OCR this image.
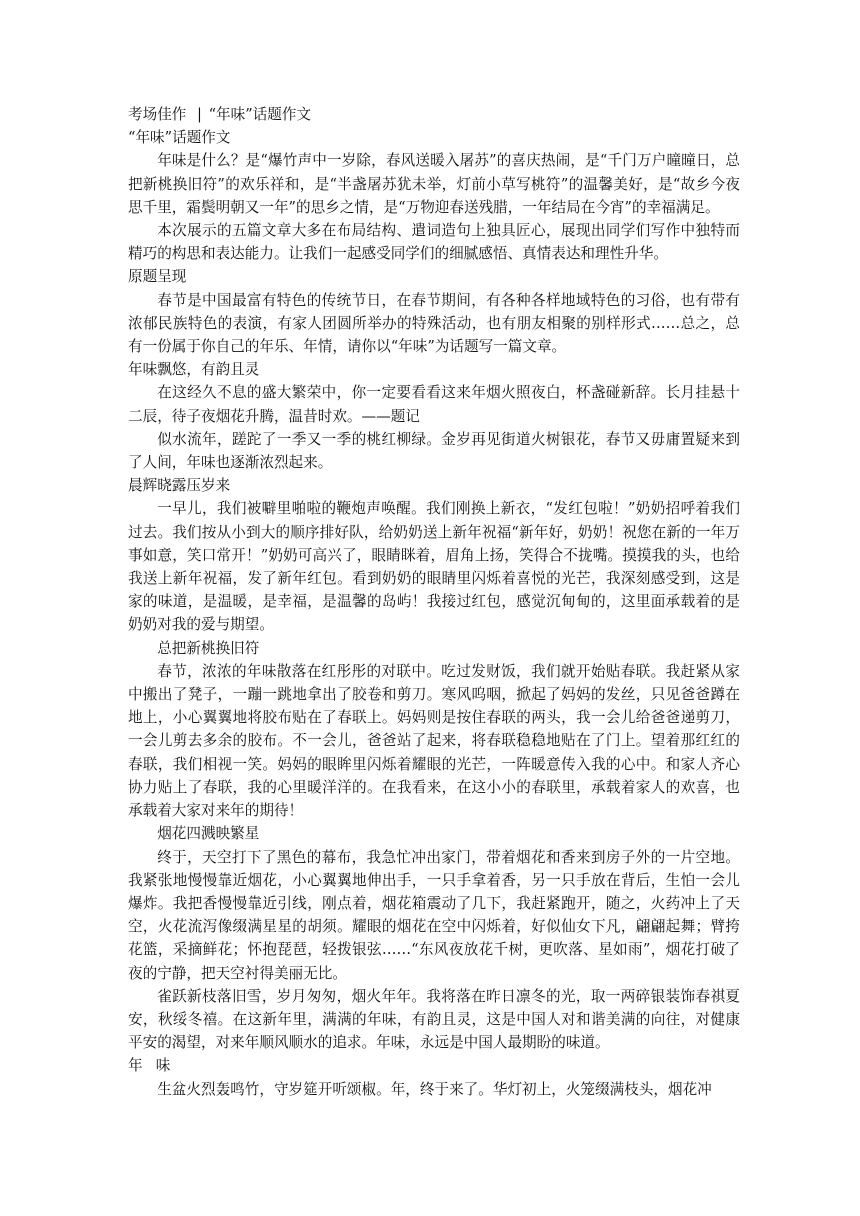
考场佳作 | “年味”话题作文

“年味”话题作文

年味是什么？是“爆竹声中一岁除，春风送暖入屠苏”的喜庆热闹，是“千门万户曈曈日，总把新桃换旧符”的欢乐祥和，是“半盏屠苏犹未举，灯前小草写桃符”的温馨美好，是“故乡今夜思千里，霜鬓明朝又一年”的思乡之情，是“万物迎春送残腊，一年结局在今宵”的幸福满足。

本次展示的五篇文章大多在布局结构、遣词造句上独具匠心，展现出同学们写作中独特而精巧的构思和表达能力。让我们一起感受同学们的细腻感悟、真情表达和理性升华。

原题呈现

春节是中国最富有特色的传统节日，在春节期间，有各种各样地域特色的习俗，也有带有浓郁民族特色的表演，有家人团圆所举办的特殊活动，也有朋友相聚的别样形式……总之，总有一份属于你自己的年乐、年情，请你以“年味”为话题写一篇文章。

年味飘悠，有韵且灵

在这经久不息的盛大繁荣中，你一定要看看这来年烟火照夜白，杯盏碰新辞。长月挂悬十二辰，待子夜烟花升腾，温昔时欢。——题记

似水流年，蹉跎了一季又一季的桃红柳绿。金岁再见街道火树银花，春节又毋庸置疑来到了人间，年味也逐渐浓烈起来。

晨辉晓露压岁来

一早儿，我们被噼里啪啦的鞭炮声唤醒。我们刚换上新衣，“发红包啦！”奶奶招呼着我们过去。我们按从小到大的顺序排好队，给奶奶送上新年祝福“新年好，奶奶！祝您在新的一年万事如意，笑口常开！”奶奶可高兴了，眼睛眯着，眉角上扬，笑得合不拢嘴。摸摸我的头，也给我送上新年祝福，发了新年红包。看到奶奶的眼睛里闪烁着喜悦的光芒，我深刻感受到，这是家的味道，是温暖，是幸福，是温馨的岛屿！我接过红包，感觉沉甸甸的，这里面承载着的是奶奶对我的爱与期望。

总把新桃换旧符

春节，浓浓的年味散落在红彤彤的对联中。吃过发财饭，我们就开始贴春联。我赶紧从家中搬出了凳子，一蹦一跳地拿出了胶卷和剪刀。寒风呜咽，掀起了妈妈的发丝，只见爸爸蹲在地上，小心翼翼地将胶布贴在了春联上。妈妈则是按住春联的两头，我一会儿给爸爸递剪刀，一会儿剪去多余的胶布。不一会儿，爸爸站了起来，将春联稳稳地贴在了门上。望着那红红的春联，我们相视一笑。妈妈的眼眸里闪烁着耀眼的光芒，一阵暖意传入我的心中。和家人齐心协力贴上了春联，我的心里暖洋洋的。在我看来，在这小小的春联里，承载着家人的欢喜，也承载着大家对来年的期待！

烟花四溅映繁星

终于，天空打下了黑色的幕布，我急忙冲出家门，带着烟花和香来到房子外的一片空地。我紧张地慢慢靠近烟花，小心翼翼地伸出手，一只手拿着香，另一只手放在背后，生怕一会儿爆炸。我把香慢慢靠近引线，刚点着，烟花箱震动了几下，我赶紧跑开，随之，火药冲上了天空，火花流泻像缀满星星的胡须。耀眼的烟花在空中闪烁着，好似仙女下凡，翩翩起舞；臂挎花篮，采摘鲜花；怀抱琵琶，轻拨银弦……“东风夜放花千树，更吹落、星如雨”，烟花打破了夜的宁静，把天空衬得美丽无比。

雀跃新枝落旧雪，岁月匆匆，烟火年年。我将落在昨日凛冬的光，取一两碎银装饰春祺夏安，秋绥冬禧。在这新年里，满满的年味，有韵且灵，这是中国人对和谐美满的向往，对健康平安的渴望，对来年顺风顺水的追求。年味，永远是中国人最期盼的味道。

年味

生盆火烈轰鸣竹，守岁筵开听颂椒。年，终于来了。华灯初上，火笼缀满枝头，烟花冲
